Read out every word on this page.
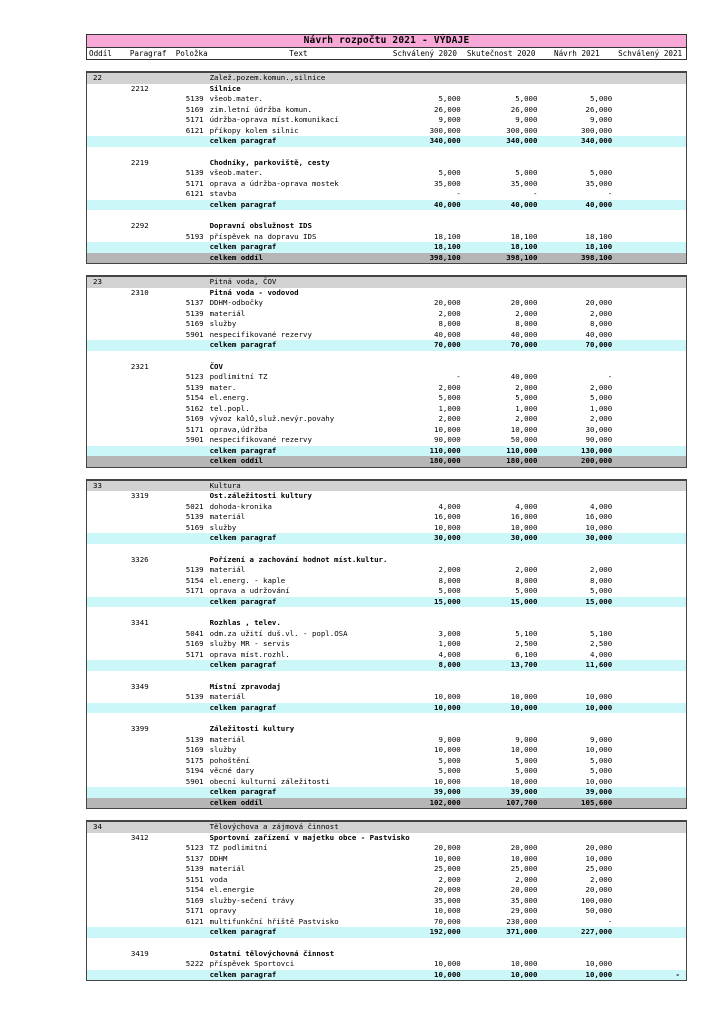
Návrh rozpočtu 2021 - VÝDAJE
Oddíl	Paragraf	Položka	Text	Schválený 2020	Skutečnost 2020	Návrh 2021	Schválený 2021
22	Zalež.pozem.komun.,silnice
2212	Silnice
5139 všeob.mater.	5,000	5,000	5,000
5169 zim.letní údržba komun.	26,000	26,000	26,000
5171 údržba-oprava míst.komunikací	9,000	9,000	9,000
6121 příkopy kolem silnic	300,000	300,000	300,000
celkem paragraf	340,000	340,000	340,000
2219	Chodníky, parkoviště, cesty
5139 všeob.mater.	5,000	5,000	5,000
5171 oprava a údržba-oprava mostek	35,000	35,000	35,000
6121 stavba	-	-	-
celkem paragraf	40,000	40,000	40,000
2292	Dopravní obslužnost IDS
5193 příspěvek na dopravu IDS	18,100	18,100	18,100
celkem paragraf	18,100	18,100	18,100
celkem oddíl	398,100	398,100	398,100
23	Pitná voda, ČOV
2310	Pitná voda - vodovod
5137 DDHM-odbočky	20,000	20,000	20,000
5139 materiál	2,000	2,000	2,000
5169 služby	8,000	8,000	8,000
5901 nespecifikované rezervy	40,000	40,000	40,000
celkem paragraf	70,000	70,000	70,000
2321	ČOV
5123 podlimitní TZ	-	40,000	-
5139 mater.	2,000	2,000	2,000
5154 el.energ.	5,000	5,000	5,000
5162 tel.popl.	1,000	1,000	1,000
5169 vývoz kalů,služ.nevýr.povahy	2,000	2,000	2,000
5171 oprava,údržba	10,000	10,000	30,000
5901 nespecifikované rezervy	90,000	50,000	90,000
celkem paragraf	110,000	110,000	130,000
celkem oddíl	180,000	180,000	200,000
33	Kultura
3319	Ost.záležitosti kultury
5021 dohoda-kronika	4,000	4,000	4,000
5139 materiál	16,000	16,000	16,000
5169 služby	10,000	10,000	10,000
celkem paragraf	30,000	30,000	30,000
3326	Pořízení a zachování hodnot míst.kultur.
5139 materiál	2,000	2,000	2,000
5154 el.energ. - kaple	8,000	8,000	8,000
5171 oprava a udržování	5,000	5,000	5,000
celkem paragraf	15,000	15,000	15,000
3341	Rozhlas , telev.
5041 odm.za užití duš.vl. - popl.OSA	3,000	5,100	5,100
5169 služby MR - servis	1,000	2,500	2,500
5171 oprava míst.rozhl.	4,000	6,100	4,000
celkem paragraf	8,000	13,700	11,600
3349	Místní zpravodaj
5139 materiál	10,000	10,000	10,000
celkem paragraf	10,000	10,000	10,000
3399	Záležitosti kultury
5139 materiál	9,000	9,000	9,000
5169 služby	10,000	10,000	10,000
5175 pohoštění	5,000	5,000	5,000
5194 věcné dary	5,000	5,000	5,000
5901 obecní kulturní záležitosti	10,000	10,000	10,000
celkem paragraf	39,000	39,000	39,000
celkem oddíl	102,000	107,700	105,600
34	Tělovýchova a zájmová činnost
3412	Sportovní zařízení v majetku obce - Pastvisko
5123 TZ podlimitní	20,000	20,000	20,000
5137 DDHM	10,000	10,000	10,000
5139 materiál	25,000	25,000	25,000
5151 voda	2,000	2,000	2,000
5154 el.energie	20,000	20,000	20,000
5169 služby-sečení trávy	35,000	35,000	100,000
5171 opravy	10,000	29,000	50,000
6121 multifunkční hřiště Pastvisko	70,000	230,000	-
celkem paragraf	192,000	371,000	227,000
3419	Ostatní tělovýchovná činnost
5222 příspěvek Sportovci	10,000	10,000	10,000
celkem paragraf	10,000	10,000	10,000	-
